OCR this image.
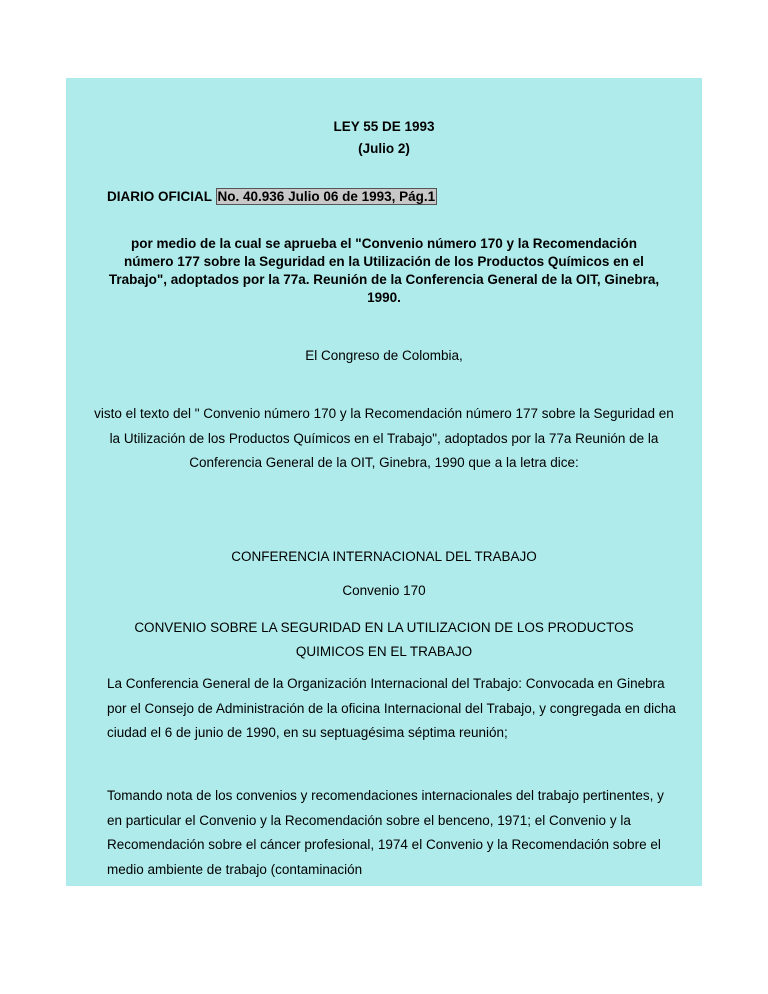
LEY 55 DE 1993
(Julio 2)
DIARIO OFICIAL No. 40.936 Julio 06 de 1993, Pág.1
por medio de la cual se aprueba el "Convenio número 170 y la Recomendación número 177 sobre la Seguridad en la Utilización de los Productos Químicos en el Trabajo", adoptados por la 77a. Reunión de la Conferencia General de la OIT, Ginebra, 1990.
El Congreso de Colombia,
visto el texto del " Convenio número 170 y la Recomendación número 177 sobre la Seguridad en la Utilización de los Productos Químicos en el Trabajo", adoptados por la 77a Reunión de la Conferencia General de la OIT, Ginebra, 1990 que a la letra dice:
CONFERENCIA INTERNACIONAL DEL TRABAJO
Convenio 170
CONVENIO SOBRE LA SEGURIDAD EN LA UTILIZACION DE LOS PRODUCTOS QUIMICOS EN EL TRABAJO
La Conferencia General de la Organización Internacional del Trabajo: Convocada en Ginebra por el Consejo de Administración de la oficina Internacional del Trabajo, y congregada en dicha ciudad el 6 de junio de 1990, en su septuagésima séptima reunión;
Tomando nota de los convenios y recomendaciones internacionales del trabajo pertinentes, y en particular el Convenio y la Recomendación sobre el benceno, 1971; el Convenio y la Recomendación sobre el cáncer profesional, 1974 el Convenio y la Recomendación sobre el medio ambiente de trabajo (contaminación
